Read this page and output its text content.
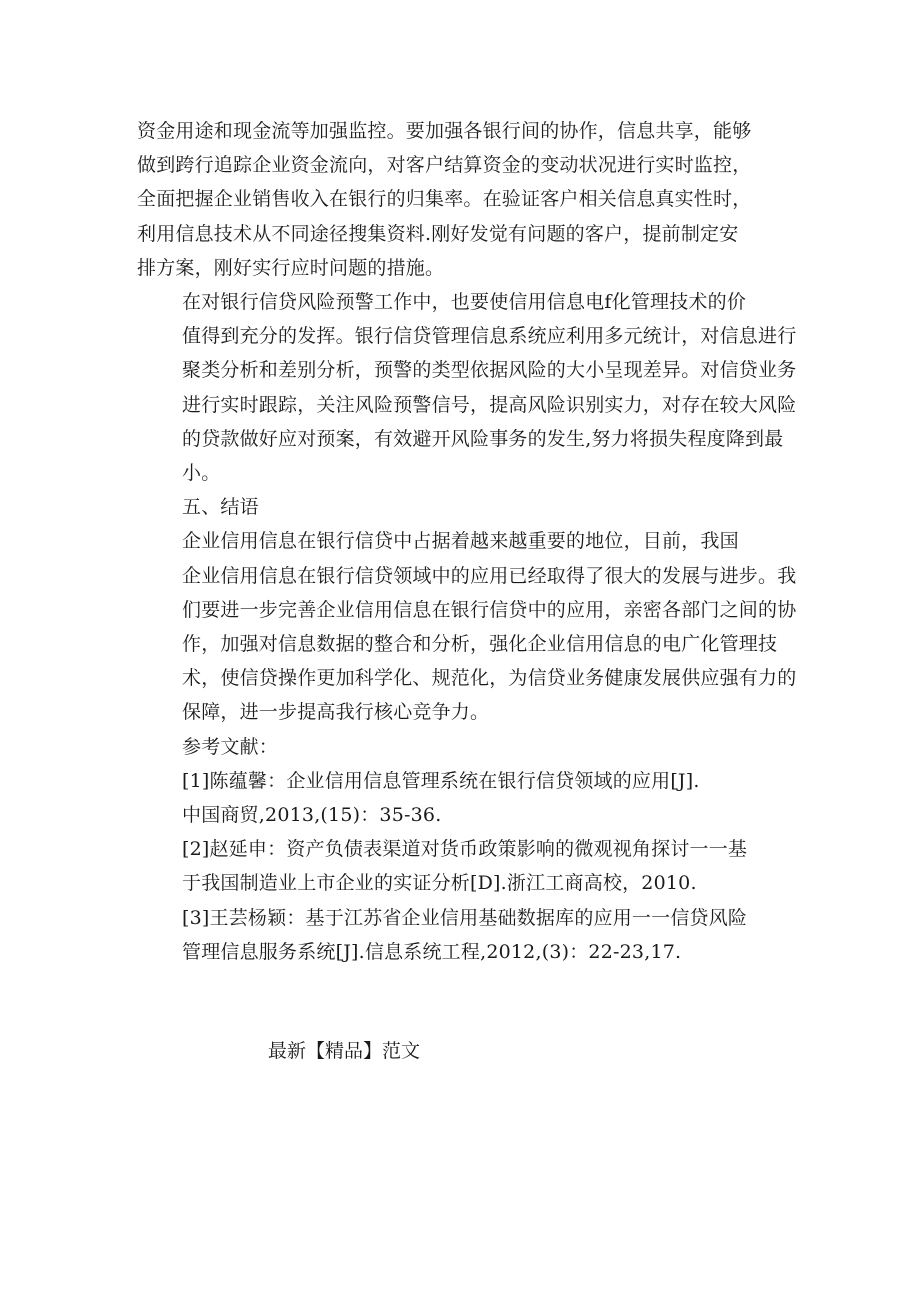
资金用途和现金流等加强监控。要加强各银行间的协作，信息共享，能够
做到跨行追踪企业资金流向，对客户结算资金的变动状况进行实时监控，
全面把握企业销售收入在银行的归集率。在验证客户相关信息真实性时，
利用信息技术从不同途径搜集资料.刚好发觉有问题的客户，提前制定安
排方案，刚好实行应时问题的措施。

在对银行信贷风险预警工作中，也要使信用信息电f化管理技术的价
值得到充分的发挥。银行信贷管理信息系统应利用多元统计，对信息进行
聚类分析和差别分析，预警的类型依据风险的大小呈现差异。对信贷业务
进行实时跟踪，关注风险预警信号，提高风险识别实力，对存在较大风险
的贷款做好应对预案，有效避开风险事务的发生,努力将损失程度降到最
小。

五、结语

企业信用信息在银行信贷中占据着越来越重要的地位，目前，我国
企业信用信息在银行信贷领域中的应用已经取得了很大的发展与进步。我
们要进一步完善企业信用信息在银行信贷中的应用，亲密各部门之间的协
作，加强对信息数据的整合和分析，强化企业信用信息的电广化管理技
术，使信贷操作更加科学化、规范化，为信贷业务健康发展供应强有力的
保障，进一步提高我行核心竞争力。

参考文献：

[1]陈蕴馨：企业信用信息管理系统在银行信贷领域的应用[J].
中国商贸,2013,(15)：35-36.

[2]赵延申：资产负债表渠道对货币政策影响的微观视角探讨一一基
于我国制造业上市企业的实证分析[D].浙江工商高校，2010.

[3]王芸杨颖：基于江苏省企业信用基础数据库的应用一一信贷风险
管理信息服务系统[J].信息系统工程,2012,(3)：22-23,17.

最新【精品】范文
